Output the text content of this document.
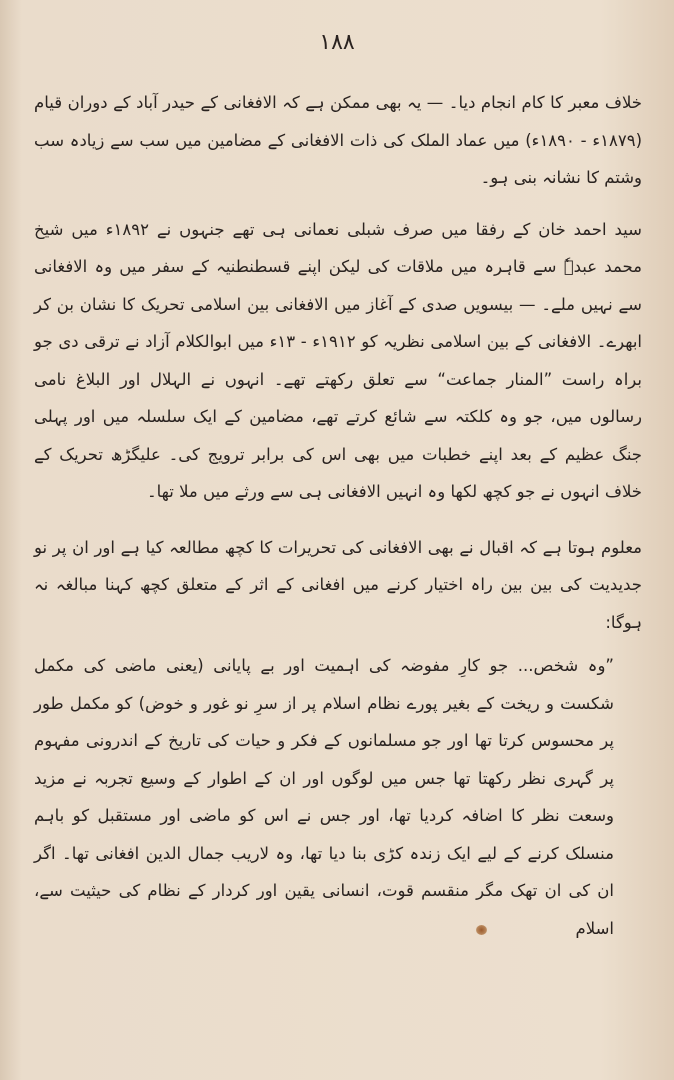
۱۸۸

خلاف معبر کا کام انجام دیا۔ — یہ بھی ممکن ہے کہ الافغانی کے حیدر آباد کے دوران قیام (۱۸۷۹ء - ۱۸۹۰ء) میں عماد الملک کی ذات الافغانی کے مضامین میں سب سے زیادہ سب وشتم کا نشانہ بنی ہو۔

سید احمد خان کے رفقا میں صرف شبلی نعمانی ہی تھے جنہوں نے ۱۸۹۲ء میں شیخ محمد عبدہٗ سے قاہرہ میں ملاقات کی لیکن اپنے قسطنطنیہ کے سفر میں وہ الافغانی سے نہیں ملے۔ — بیسویں صدی کے آغاز میں الافغانی بین اسلامی تحریک کا نشان بن کر ابھرے۔ الافغانی کے بین اسلامی نظریہ کو ۱۹۱۲ء - ۱۳ء میں ابوالکلام آزاد نے ترقی دی جو براہ راست ”المنار جماعت“ سے تعلق رکھتے تھے۔ انہوں نے الہلال اور البلاغ نامی رسالوں میں، جو وہ کلکتہ سے شائع کرتے تھے، مضامین کے ایک سلسلہ میں اور پہلی جنگ عظیم کے بعد اپنے خطبات میں بھی اس کی برابر ترویج کی۔ علیگڑھ تحریک کے خلاف انہوں نے جو کچھ لکھا وہ انہیں الافغانی ہی سے ورثے میں ملا تھا۔

معلوم ہوتا ہے کہ اقبال نے بھی الافغانی کی تحریرات کا کچھ مطالعہ کیا ہے اور ان پر نو جدیدیت کی بین بین راہ اختیار کرنے میں افغانی کے اثر کے متعلق کچھ کہنا مبالغہ نہ ہوگا:

”وہ شخص... جو کارِ مفوضہ کی اہمیت اور بے پایانی (یعنی ماضی کی مکمل شکست و ریخت کے بغیر پورے نظام اسلام پر از سرِ نو غور و خوض) کو مکمل طور پر محسوس کرتا تھا اور جو مسلمانوں کے فکر و حیات کی تاریخ کے اندرونی مفہوم پر گہری نظر رکھتا تھا جس میں لوگوں اور ان کے اطوار کے وسیع تجربہ نے مزید وسعت نظر کا اضافہ کردیا تھا، اور جس نے اس کو ماضی اور مستقبل کو باہم منسلک کرنے کے لیے ایک زندہ کڑی بنا دیا تھا، وہ لاریب جمال الدین افغانی تھا۔ اگر ان کی ان تھک مگر منقسم قوت، انسانی یقین اور کردار کے نظام کی حیثیت سے، اسلام
